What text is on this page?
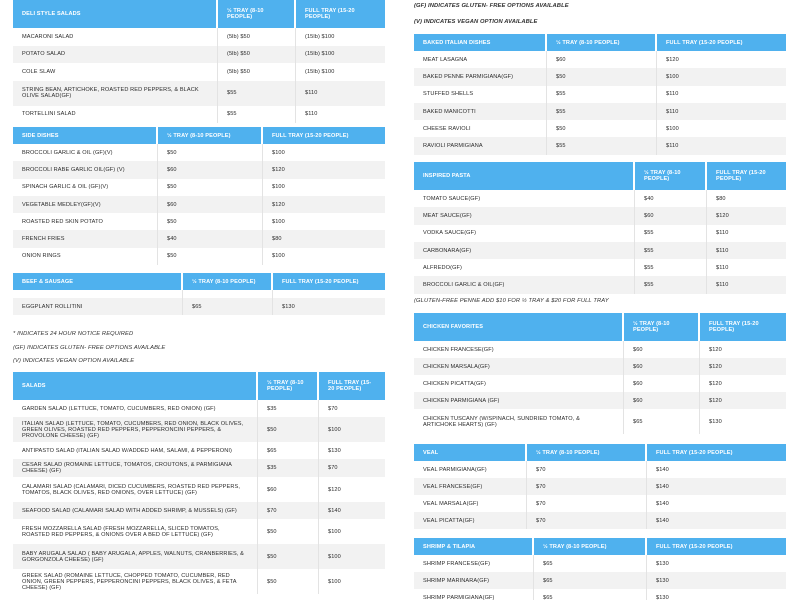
DELI STYLE SALADS	½ TRAY (8-10 PEOPLE)	FULL TRAY (15-20 PEOPLE)
MACARONI SALAD	(5lb) $50	(15lb) $100
POTATO SALAD	(5lb) $50	(15lb) $100
COLE SLAW	(5lb) $50	(15lb) $100
STRING BEAN, ARTICHOKE, ROASTED RED PEPPERS, & BLACK OLIVE SALAD(GF)	$55	$110
TORTELLINI SALAD	$55	$110
SIDE DISHES	½ TRAY (8-10 PEOPLE)	FULL TRAY (15-20 PEOPLE)
BROCCOLI GARLIC & OIL (GF)(V)	$50	$100
BROCCOLI RABE GARLIC OIL(GF) (V)	$60	$120
SPINACH GARLIC & OIL (GF)(V)	$50	$100
VEGETABLE MEDLEY(GF)(V)	$60	$120
ROASTED RED SKIN POTATO	$50	$100
FRENCH FRIES	$40	$80
ONION RINGS	$50	$100
BEEF & SAUSAGE	½ TRAY (8-10 PEOPLE)	FULL TRAY (15-20 PEOPLE)

EGGPLANT ROLLITINI	$65	$130
* INDICATES 24 HOUR NOTICE REQUIRED
(GF) INDICATES GLUTEN- FREE OPTIONS AVAILABLE
(V) INDICATES VEGAN OPTION AVAILABLE
SALADS	½ TRAY (8-10 PEOPLE)	FULL TRAY (15-20 PEOPLE)
GARDEN SALAD (LETTUCE, TOMATO, CUCUMBERS, RED ONION) (GF)	$35	$70
ITALIAN SALAD (LETTUCE, TOMATO, CUCUMBERS, RED ONION, BLACK OLIVES, GREEN OLIVES, ROASTED RED PEPPERS, PEPPERONCINI PEPPERS, & PROVOLONE CHEESE) (GF)	$50	$100
ANTIPASTO SALAD (ITALIAN SALAD W/ADDED HAM, SALAMI, & PEPPERONI)	$65	$130
CESAR SALAD (ROMAINE LETTUCE, TOMATOS, CROUTONS, & PARMIGIANA CHEESE) (GF)	$35	$70
CALAMARI SALAD (CALAMARI, DICED CUCUMBERS, ROASTED RED PEPPERS, TOMATOS, BLACK OLIVES, RED ONIONS, OVER LETTUCE) (GF)	$60	$120
SEAFOOD SALAD (CALAMARI SALAD WITH ADDED SHRIMP, & MUSSELS) (GF)	$70	$140
FRESH MOZZARELLA SALAD (FRESH MOZZARELLA, SLICED TOMATOS, ROASTED RED PEPPERS, & ONIONS OVER A BED OF LETTUCE) (GF)	$50	$100
BABY ARUGALA SALAD ( BABY ARUGALA, APPLES, WALNUTS, CRANBERRIES, & GORGONZOLA CHEESE) (GF)	$50	$100
GREEK SALAD (ROMAINE LETTUCE, CHOPPED TOMATO, CUCUMBER, RED ONION, GREEN PEPPERS, PEPPERONCINI PEPPERS, BLACK OLIVES, & FETA CHEESE) (GF)	$50	$100
(GF) INDICATES GLUTEN- FREE OPTIONS AVAILABLE
(V) INDICATES VEGAN OPTION AVAILABLE
BAKED ITALIAN DISHES	½ TRAY (8-10 PEOPLE)	FULL TRAY (15-20 PEOPLE)
MEAT LASAGNA	$60	$120
BAKED PENNE PARMIGIANA(GF)	$50	$100
STUFFED SHELLS	$55	$110
BAKED MANICOTTI	$55	$110
CHEESE RAVIOLI	$50	$100
RAVIOLI PARMIGIANA	$55	$110
INSPIRED PASTA	½ TRAY (8-10 PEOPLE)	FULL TRAY (15-20 PEOPLE)
TOMATO SAUCE(GF)	$40	$80
MEAT SAUCE(GF)	$60	$120
VODKA SAUCE(GF)	$55	$110
CARBONARA(GF)	$55	$110
ALFREDO(GF)	$55	$110
BROCCOLI GARLIC & OIL(GF)	$55	$110
(GLUTEN-FREE PENNE ADD $10 FOR ½ TRAY & $20 FOR FULL TRAY
CHICKEN FAVORITES	½ TRAY (8-10 PEOPLE)	FULL TRAY (15-20 PEOPLE)
CHICKEN FRANCESE(GF)	$60	$120
CHICKEN MARSALA(GF)	$60	$120
CHICKEN PICATTA(GF)	$60	$120
CHICKEN PARMIGIANA (GF)	$60	$120
CHICKEN TUSCANY (W/SPINACH, SUNDRIED TOMATO, & ARTICHOKE HEARTS) (GF)	$65	$130
VEAL	½ TRAY (8-10 PEOPLE)	FULL TRAY (15-20 PEOPLE)
VEAL PARMIGIANA(GF)	$70	$140
VEAL FRANCESE(GF)	$70	$140
VEAL MARSALA(GF)	$70	$140
VEAL PICATTA(GF)	$70	$140
SHRIMP & TILAPIA	½ TRAY (8-10 PEOPLE)	FULL TRAY (15-20 PEOPLE)
SHRIMP FRANCESE(GF)	$65	$130
SHRIMP MARINARA(GF)	$65	$130
SHRIMP PARMIGIANA(GF)	$65	$130
